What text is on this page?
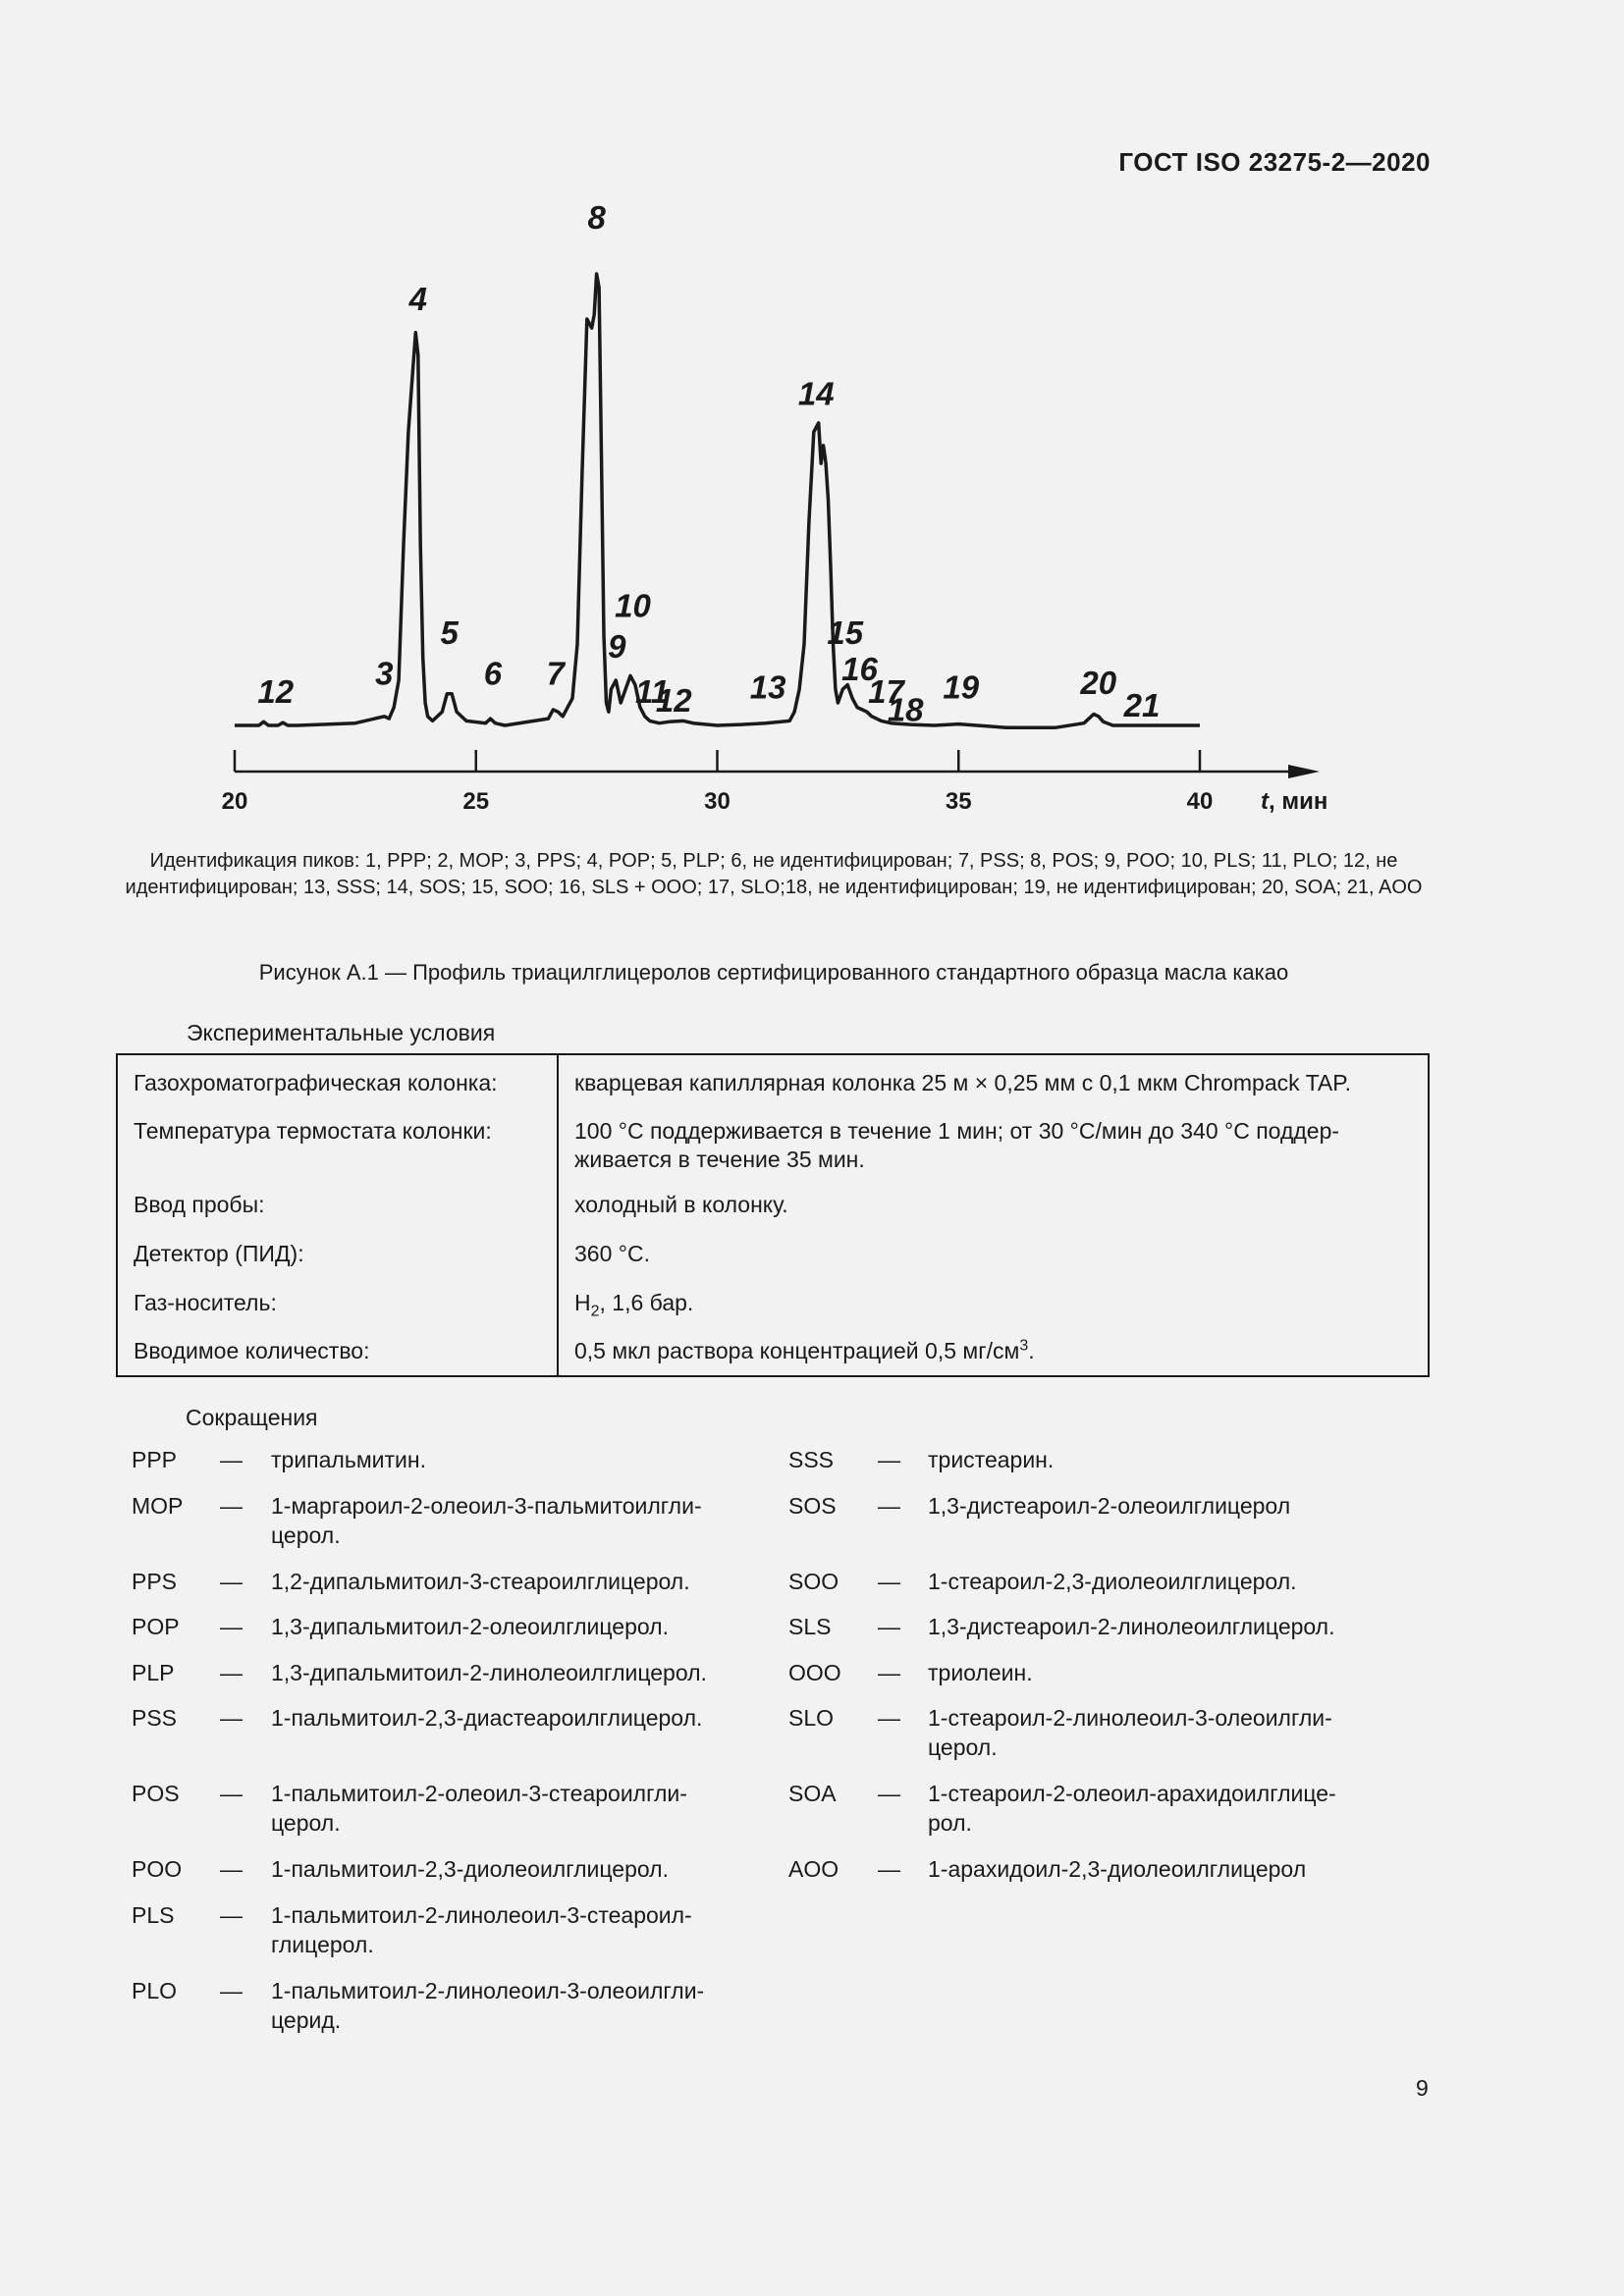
ГОСТ ISO 23275-2—2020
20	25	30	35	40 t, мин
12	3
4
5
6 7
8
10
9
11
12 13
14
15
16
17
18
19	20
21
Идентификация пиков: 1, PPP; 2, MOP; 3, PPS; 4, POP; 5, PLP; 6, не идентифицирован; 7, PSS; 8, POS; 9, POO; 10, PLS; 11, PLO; 12, не идентифицирован; 13, SSS; 14, SOS; 15, SOO; 16, SLS + OOO; 17, SLO;18, не идентифицирован; 19, не идентифицирован; 20, SOA; 21, AOO
Рисунок А.1 — Профиль триацилглицеролов сертифицированного стандартного образца масла какао
Экспериментальные условия
Газохроматографическая колонка:	кварцевая капиллярная колонка 25 м × 0,25 мм с 0,1 мкм Chrompack TAP.
Температура термостата колонки:	100 °С поддерживается в течение 1 мин; от 30 °С/мин до 340 °С поддер-
живается в течение 35 мин.
Ввод пробы:	холодный в колонку.
Детектор (ПИД):	360 °С.
Газ-носитель:	$Н_2$, 1,6 бар.
Вводимое количество:	0,5 мкл раствора концентрацией 0,5 $мг/см^3$.
Сокращения
PPP — трипальмитин.
MOP — 1-маргароил-2-олеоил-3-пальмитоилгли-
церол.
PPS — 1,2-дипальмитоил-3-стеароилглицерол.
POP — 1,3-дипальмитоил-2-олеоилглицерол.
PLP — 1,3-дипальмитоил-2-линолеоилглицерол.
PSS — 1-пальмитоил-2,3-диастеароилглицерол.
POS — 1-пальмитоил-2-олеоил-3-стеароилгли-
церол.
POO — 1-пальмитоил-2,3-диолеоилглицерол.
PLS — 1-пальмитоил-2-линолеоил-3-стеароил-
глицерол.
PLO — 1-пальмитоил-2-линолеоил-3-олеоилгли-
церид.
SSS — тристеарин.
SOS — 1,3-дистеароил-2-олеоилглицерол
SOO — 1-стеароил-2,3-диолеоилглицерол.
SLS — 1,3-дистеароил-2-линолеоилглицерол.
OOO — триолеин.
SLO — 1-стеароил-2-линолеоил-3-олеоилгли-
церол.
SOA — 1-стеароил-2-олеоил-арахидоилглице-
рол.
AOO — 1-арахидоил-2,3-диолеоилглицерол
9
